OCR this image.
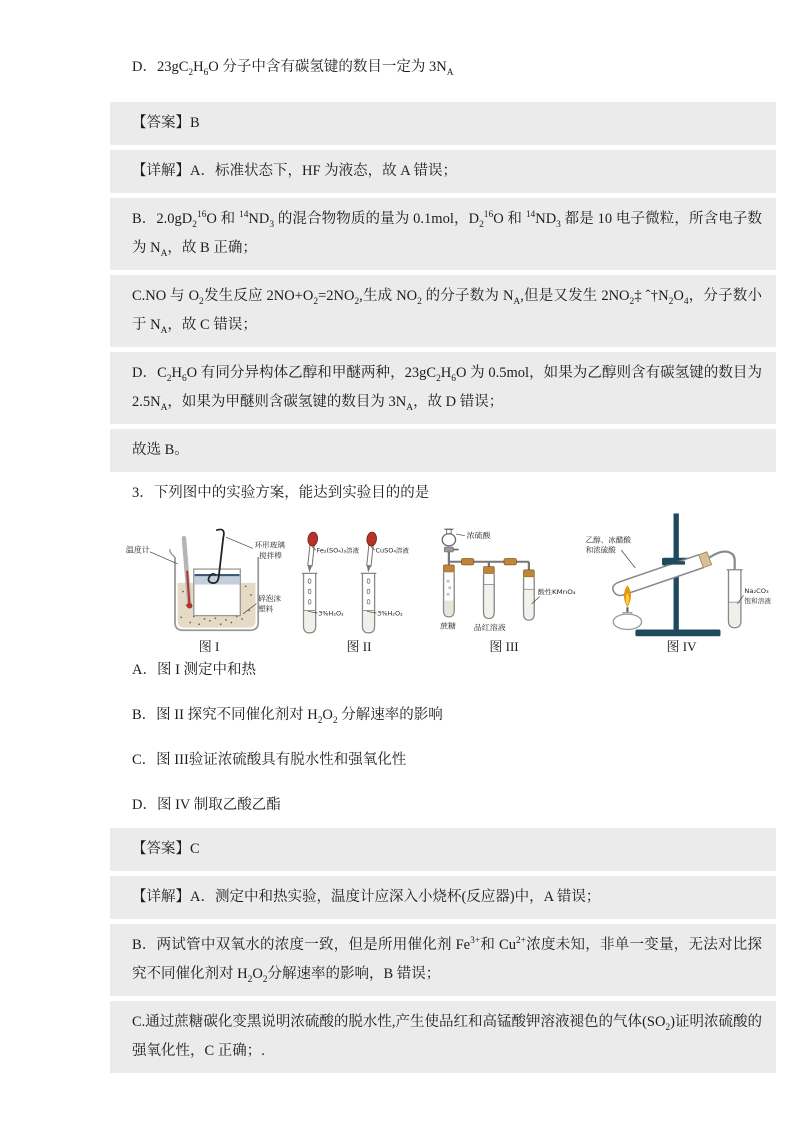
D．$23gC_2H_6O$ 分子中含有碳氢键的数目一定为 $3N_A$
【答案】B
【详解】A．标准状态下，HF 为液态，故 A 错误；
B．$2.0gD_2^{16}O$ 和 $^{14}ND_3$ 的混合物物质的量为 0.1mol，$D_2^{16}O$ 和 $^{14}ND_3$ 都是 10 电子微粒，所含电子数为 $N_A$，故 B 正确；
C.NO 与 $O_2$发生反应 $2NO+O_2=2NO_2$,生成 $NO_2$ 的分子数为 $N_A$,但是又发生 $2NO_2\ddagger$ $ˆ\dagger N_2O_4$，分子数小于 $N_A$，故 C 错误；
D．$C_2H_6O$ 有同分异构体乙醇和甲醚两种，$23gC_2H_6O$ 为 0.5mol，如果为乙醇则含有碳氢键的数目为 $2.5N_A$，如果为甲醚则含碳氢键的数目为 $3N_A$，故 D 错误；
故选 B。
3．下列图中的实验方案，能达到实验目的的是
温度计
环形玻璃
搅拌棒
碎泡沫
塑料
图 I
Fe₂(SO₄)₃溶液 CuSO₄溶液
3%H₂O₂	3%H₂O₂
图 II
浓硫酸
蔗糖 品红溶液
酸性KMnO₄
图 III
乙醇、冰醋酸
和浓硫酸
Na₂CO₃
饱和溶液
图 IV
A．图 I 测定中和热
B．图 II 探究不同催化剂对 $H_2O_2$ 分解速率的影响
C．图 III验证浓硫酸具有脱水性和强氧化性
D．图 IV 制取乙酸乙酯
【答案】C
【详解】A．测定中和热实验，温度计应深入小烧杯(反应器)中，A 错误；
B．两试管中双氧水的浓度一致，但是所用催化剂 $Fe^{3+}$和 $Cu^{2+}$浓度未知，非单一变量，无法对比探究不同催化剂对 $H_2O_2$分解速率的影响，B 错误；
C.通过蔗糖碳化变黑说明浓硫酸的脱水性,产生使品红和高锰酸钾溶液褪色的气体$(SO_2)$证明浓硫酸的强氧化性，C 正确；.
